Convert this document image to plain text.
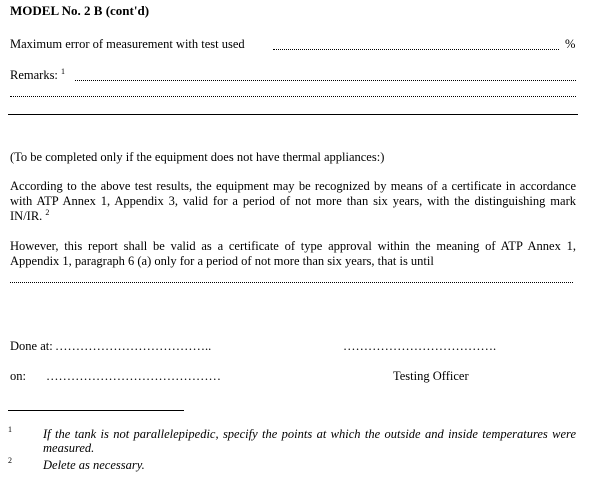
MODEL No. 2 B (cont'd)
Maximum error of measurement with test used	%
Remarks: $^1$
(To be completed only if the equipment does not have thermal appliances:)
According to the above test results, the equipment may be recognized by means of a certificate in accordance with ATP Annex 1, Appendix 3, valid for a period of not more than six years, with the distinguishing mark IN/IR. $^2$
However, this report shall be valid as a certificate of type approval within the meaning of ATP Annex 1, Appendix 1, paragraph 6 (a) only for a period of not more than six years, that is until
Done at: ………………………………..	……………………………….
on: ……………………………………	Testing Officer
1 If the tank is not parallelepipedic, specify the points at which the outside and inside temperatures were measured.
2 Delete as necessary.
